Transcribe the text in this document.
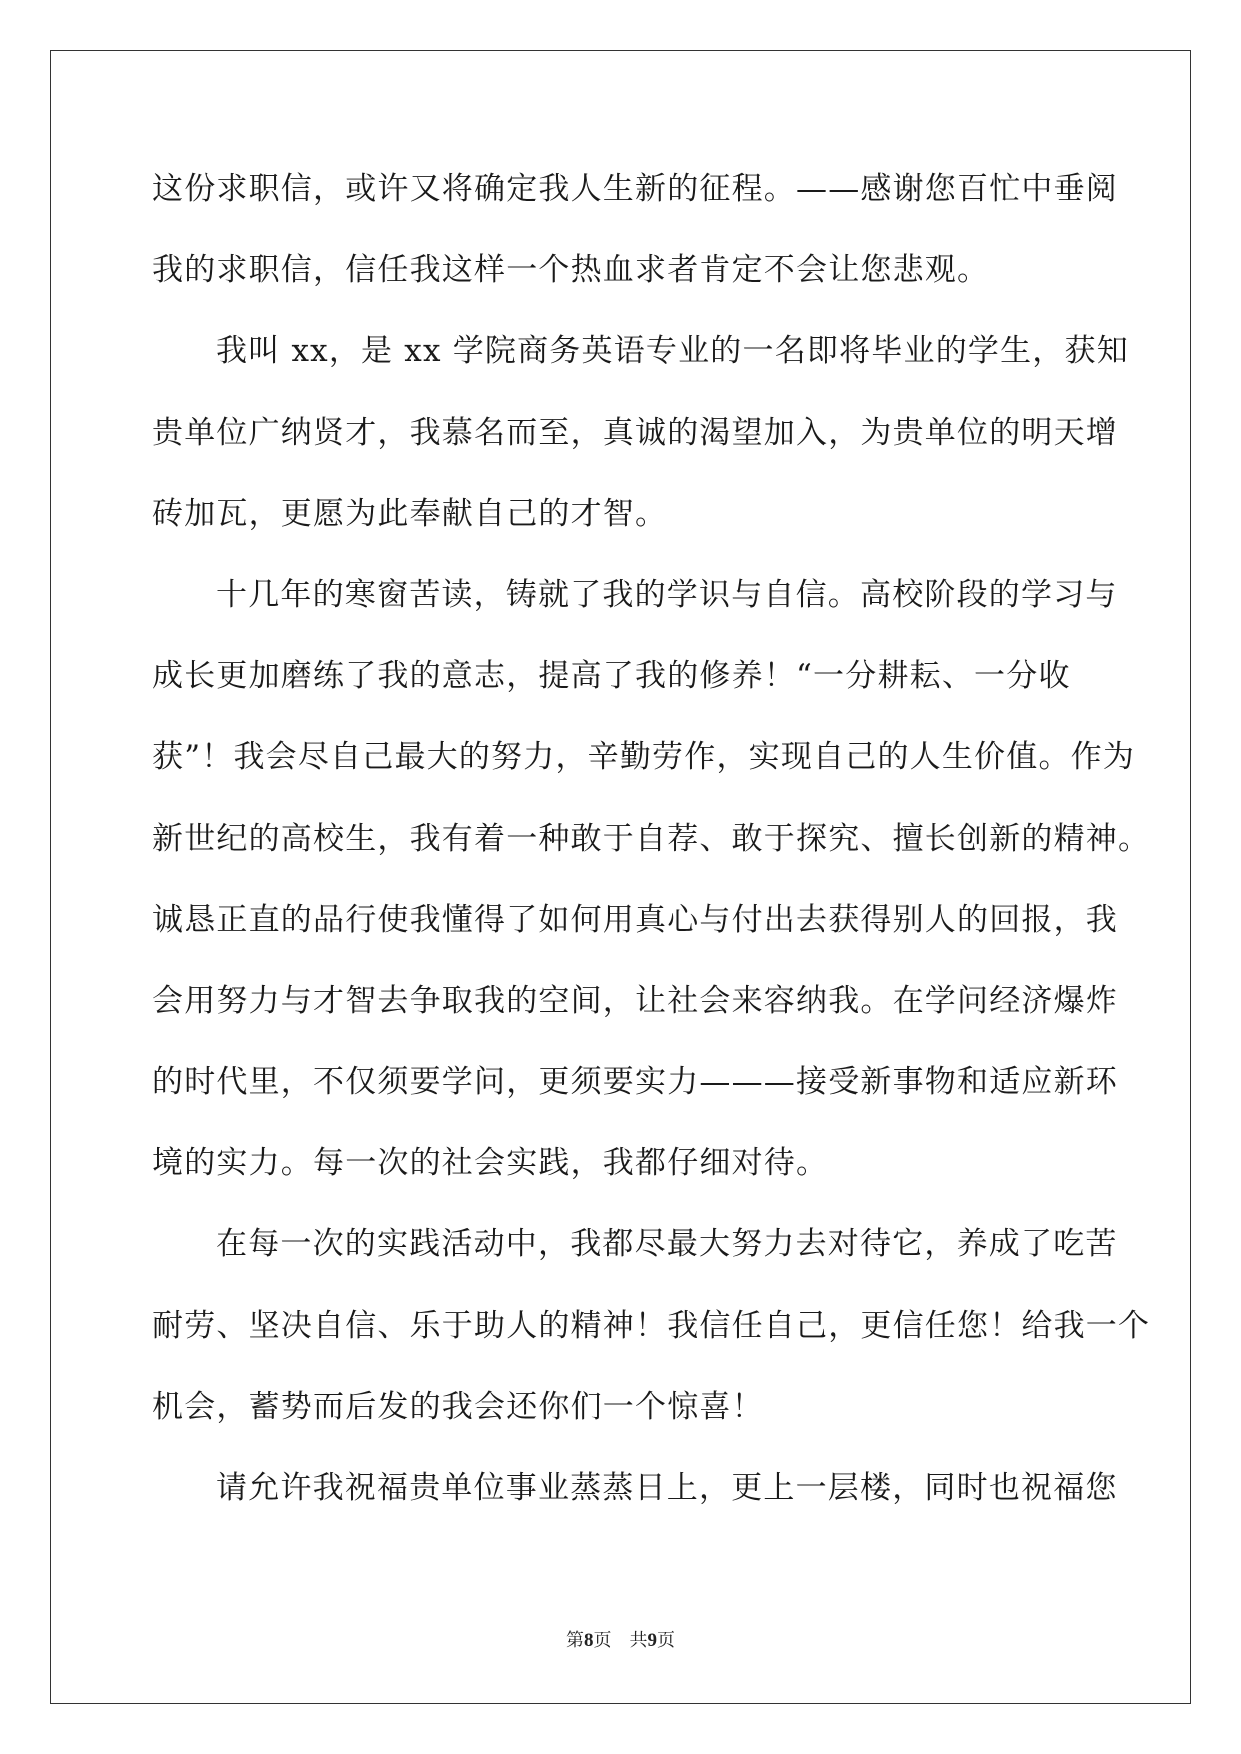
这份求职信，或许又将确定我人生新的征程。——感谢您百忙中垂阅
我的求职信，信任我这样一个热血求者肯定不会让您悲观。
我叫 xx，是 xx 学院商务英语专业的一名即将毕业的学生，获知
贵单位广纳贤才，我慕名而至，真诚的渴望加入，为贵单位的明天增
砖加瓦，更愿为此奉献自己的才智。
十几年的寒窗苦读，铸就了我的学识与自信。高校阶段的学习与
成长更加磨练了我的意志，提高了我的修养！“一分耕耘、一分收
获”！我会尽自己最大的努力，辛勤劳作，实现自己的人生价值。作为
新世纪的高校生，我有着一种敢于自荐、敢于探究、擅长创新的精神。
诚恳正直的品行使我懂得了如何用真心与付出去获得别人的回报，我
会用努力与才智去争取我的空间，让社会来容纳我。在学问经济爆炸
的时代里，不仅须要学问，更须要实力———接受新事物和适应新环
境的实力。每一次的社会实践，我都仔细对待。
在每一次的实践活动中，我都尽最大努力去对待它，养成了吃苦
耐劳、坚决自信、乐于助人的精神！我信任自己，更信任您！给我一个
机会，蓄势而后发的我会还你们一个惊喜！
请允许我祝福贵单位事业蒸蒸日上，更上一层楼，同时也祝福您
第8页　共9页
